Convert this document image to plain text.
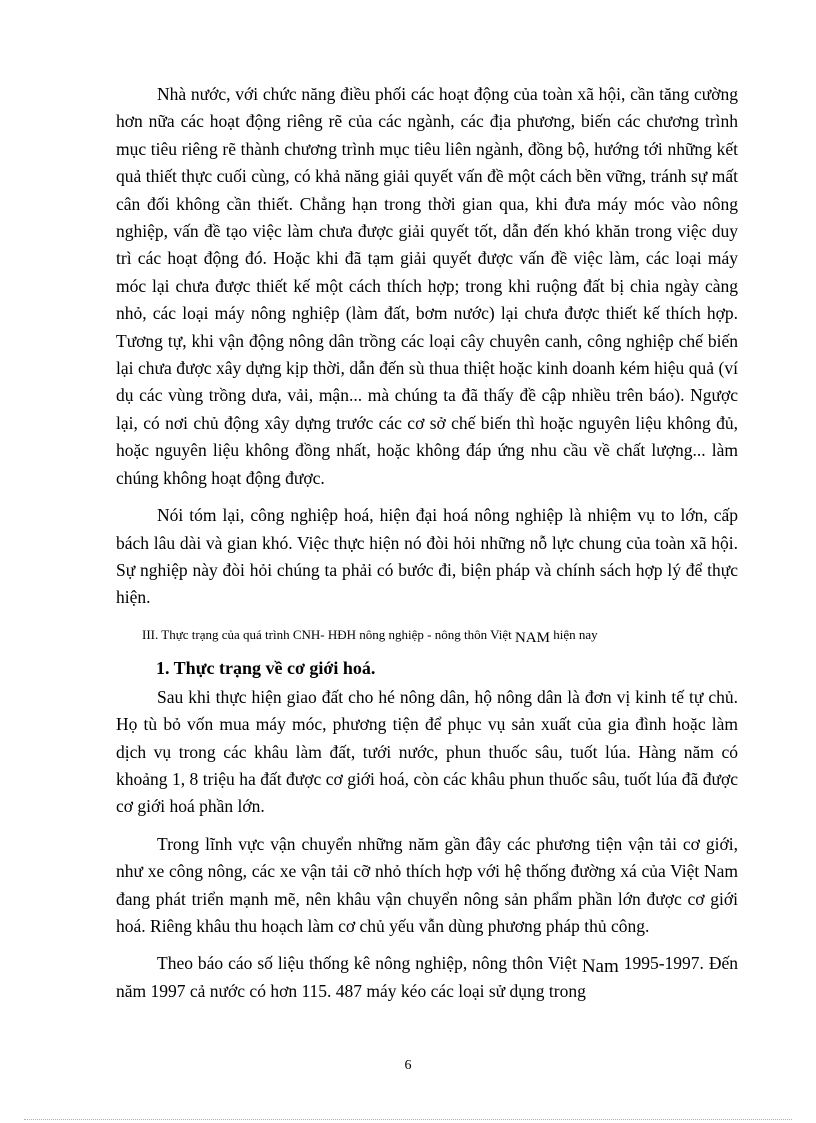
Nhà nước, với chức năng điều phối các hoạt động của toàn xã hội, cần tăng cường hơn nữa các hoạt động riêng rẽ của các ngành, các địa phương, biến các chương trình mục tiêu riêng rẽ thành chương trình mục tiêu liên ngành, đồng bộ, hướng tới những kết quả thiết thực cuối cùng, có khả năng giải quyết vấn đề một cách bền vững, tránh sự mất cân đối không cần thiết. Chẳng hạn trong thời gian qua, khi đưa máy móc vào nông nghiệp, vấn đề tạo việc làm chưa được giải quyết tốt, dẫn đến khó khăn trong việc duy trì các hoạt động đó. Hoặc khi đã tạm giải quyết được vấn đề việc làm, các loại máy móc lại chưa được thiết kế một cách thích hợp; trong khi ruộng đất bị chia ngày càng nhỏ, các loại máy nông nghiệp (làm đất, bơm nước) lại chưa được thiết kế thích hợp. Tương tự, khi vận động nông dân trồng các loại cây chuyên canh, công nghiệp chế biến lại chưa được xây dựng kịp thời, dẫn đến sù thua thiệt hoặc kinh doanh kém hiệu quả (ví dụ các vùng trồng dưa, vải, mận... mà chúng ta đã thấy đề cập nhiều trên báo). Ngược lại, có nơi chủ động xây dựng trước các cơ sở chế biến thì hoặc nguyên liệu không đủ, hoặc nguyên liệu không đồng nhất, hoặc không đáp ứng nhu cầu về chất lượng... làm chúng không hoạt động được.

Nói tóm lại, công nghiệp hoá, hiện đại hoá nông nghiệp là nhiệm vụ to lớn, cấp bách lâu dài và gian khó. Việc thực hiện nó đòi hỏi những nỗ lực chung của toàn xã hội. Sự nghiệp này đòi hỏi chúng ta phải có bước đi, biện pháp và chính sách hợp lý để thực hiện.

III. Thực trạng của quá trình CNH- HĐH nông nghiệp - nông thôn Việt NAM hiện nay

1. Thực trạng về cơ giới hoá.

Sau khi thực hiện giao đất cho hé nông dân, hộ nông dân là đơn vị kinh tế tự chủ. Họ tù bỏ vốn mua máy móc, phương tiện để phục vụ sản xuất của gia đình hoặc làm dịch vụ trong các khâu làm đất, tưới nước, phun thuốc sâu, tuốt lúa. Hàng năm có khoảng 1, 8 triệu ha đất được cơ giới hoá, còn các khâu phun thuốc sâu, tuốt lúa đã được cơ giới hoá phần lớn.

Trong lĩnh vực vận chuyển những năm gần đây các phương tiện vận tải cơ giới, như xe công nông, các xe vận tải cỡ nhỏ thích hợp với hệ thống đường xá của Việt Nam đang phát triển mạnh mẽ, nên khâu vận chuyển nông sản phẩm phần lớn được cơ giới hoá. Riêng khâu thu hoạch làm cơ chủ yếu vẫn dùng phương pháp thủ công.

Theo báo cáo số liệu thống kê nông nghiệp, nông thôn Việt Nam 1995-1997. Đến năm 1997 cả nước có hơn 115. 487 máy kéo các loại sử dụng trong

6
